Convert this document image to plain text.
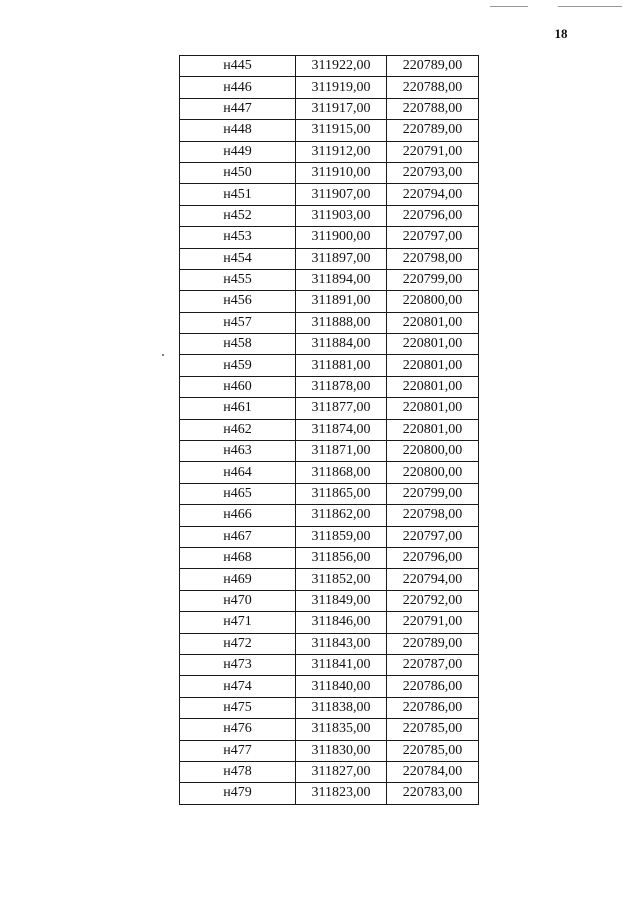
18
н445	311922,00	220789,00
н446	311919,00	220788,00
н447	311917,00	220788,00
н448	311915,00	220789,00
н449	311912,00	220791,00
н450	311910,00	220793,00
н451	311907,00	220794,00
н452	311903,00	220796,00
н453	311900,00	220797,00
н454	311897,00	220798,00
н455	311894,00	220799,00
н456	311891,00	220800,00
н457	311888,00	220801,00
н458	311884,00	220801,00
н459	311881,00	220801,00
н460	311878,00	220801,00
н461	311877,00	220801,00
н462	311874,00	220801,00
н463	311871,00	220800,00
н464	311868,00	220800,00
н465	311865,00	220799,00
н466	311862,00	220798,00
н467	311859,00	220797,00
н468	311856,00	220796,00
н469	311852,00	220794,00
н470	311849,00	220792,00
н471	311846,00	220791,00
н472	311843,00	220789,00
н473	311841,00	220787,00
н474	311840,00	220786,00
н475	311838,00	220786,00
н476	311835,00	220785,00
н477	311830,00	220785,00
н478	311827,00	220784,00
н479	311823,00	220783,00
